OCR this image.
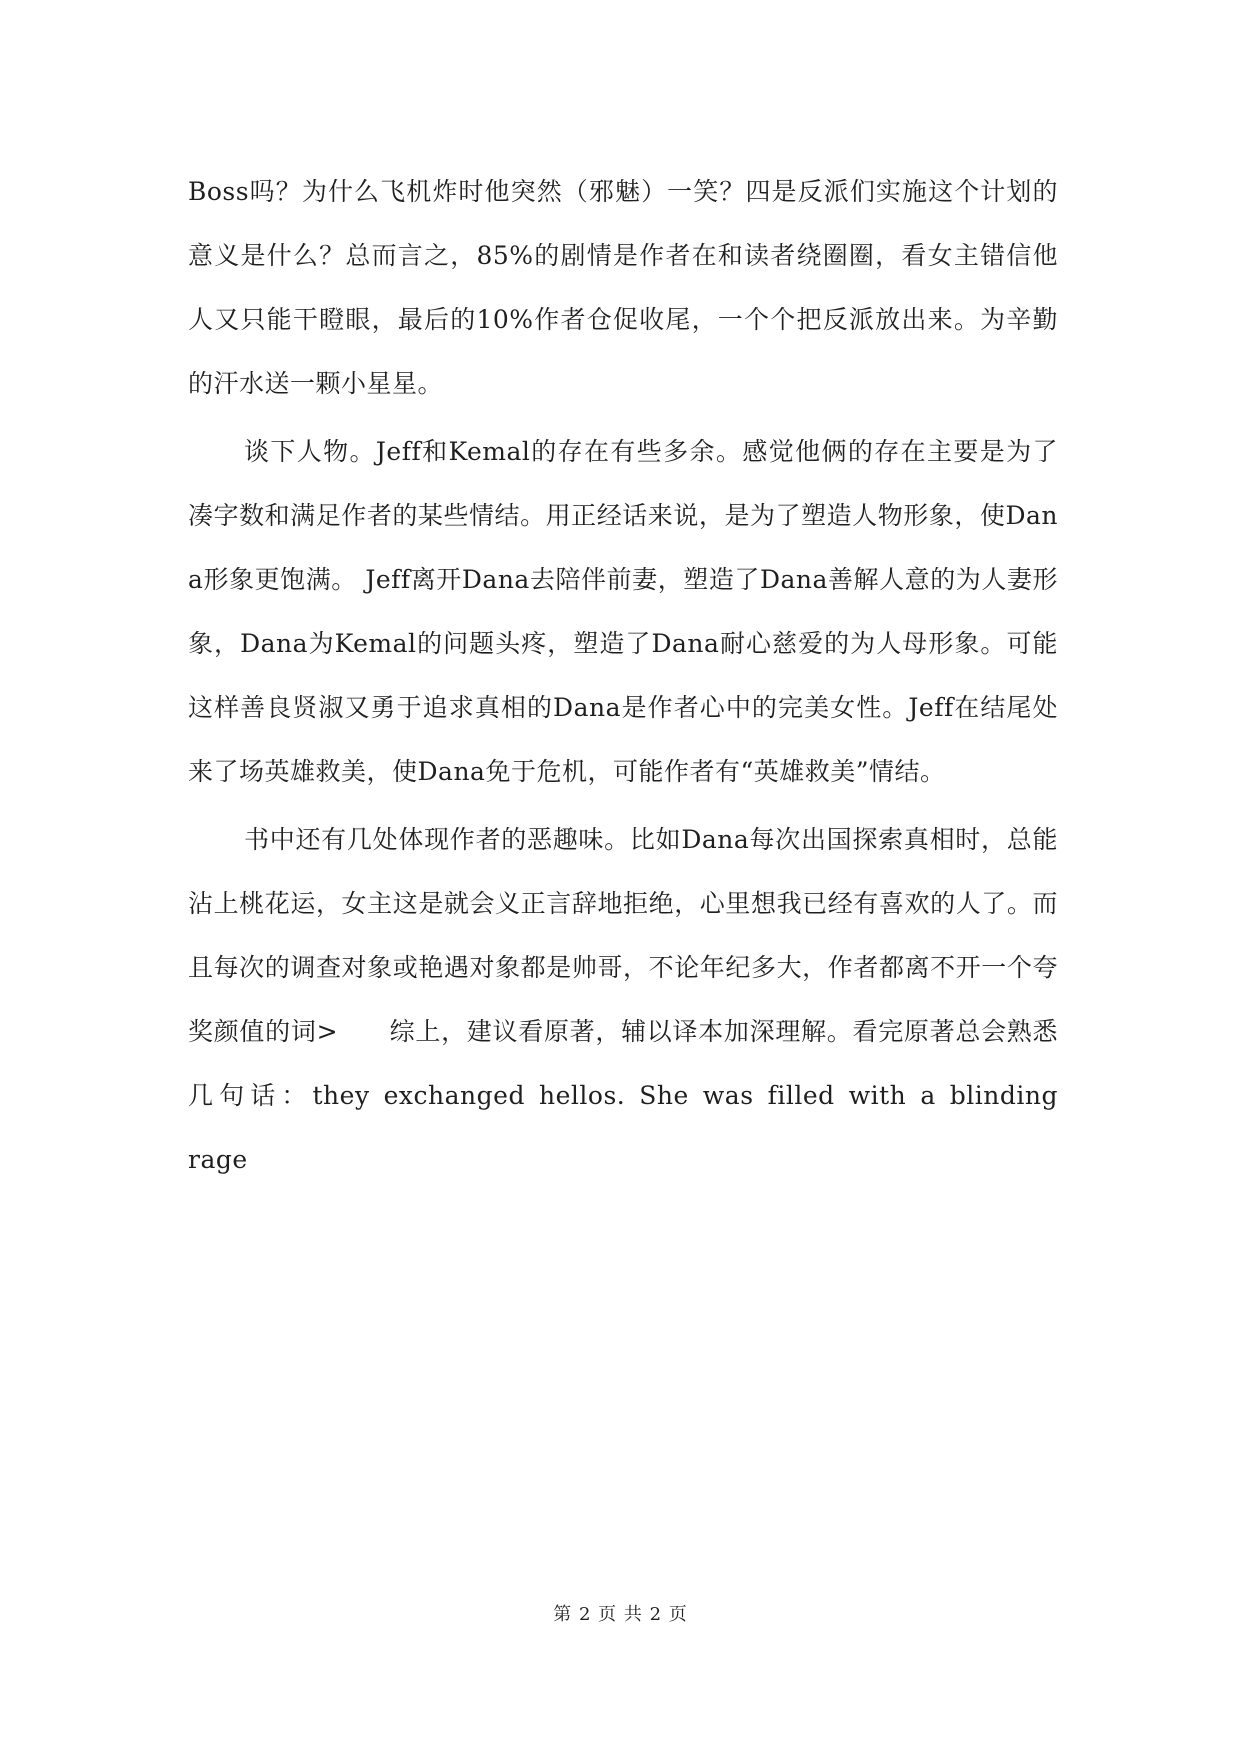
Boss吗？为什么飞机炸时他突然（邪魅）一笑？四是反派们实施这个计划的意义是什么？总而言之，85%的剧情是作者在和读者绕圈圈，看女主错信他人又只能干瞪眼，最后的10%作者仓促收尾，一个个把反派放出来。为辛勤的汗水送一颗小星星。

谈下人物。Jeff和Kemal的存在有些多余。感觉他俩的存在主要是为了凑字数和满足作者的某些情结。用正经话来说，是为了塑造人物形象，使Dana形象更饱满。 Jeff离开Dana去陪伴前妻，塑造了Dana善解人意的为人妻形象，Dana为Kemal的问题头疼，塑造了Dana耐心慈爱的为人母形象。可能这样善良贤淑又勇于追求真相的Dana是作者心中的完美女性。Jeff在结尾处来了场英雄救美，使Dana免于危机，可能作者有“英雄救美”情结。

书中还有几处体现作者的恶趣味。比如Dana每次出国探索真相时，总能沾上桃花运，女主这是就会义正言辞地拒绝，心里想我已经有喜欢的人了。而且每次的调查对象或艳遇对象都是帅哥，不论年纪多大，作者都离不开一个夸奖颜值的词>　　综上，建议看原著，辅以译本加深理解。看完原著总会熟悉几句话：they exchanged hellos. She was filled with a blinding rage

第 2 页 共 2 页
